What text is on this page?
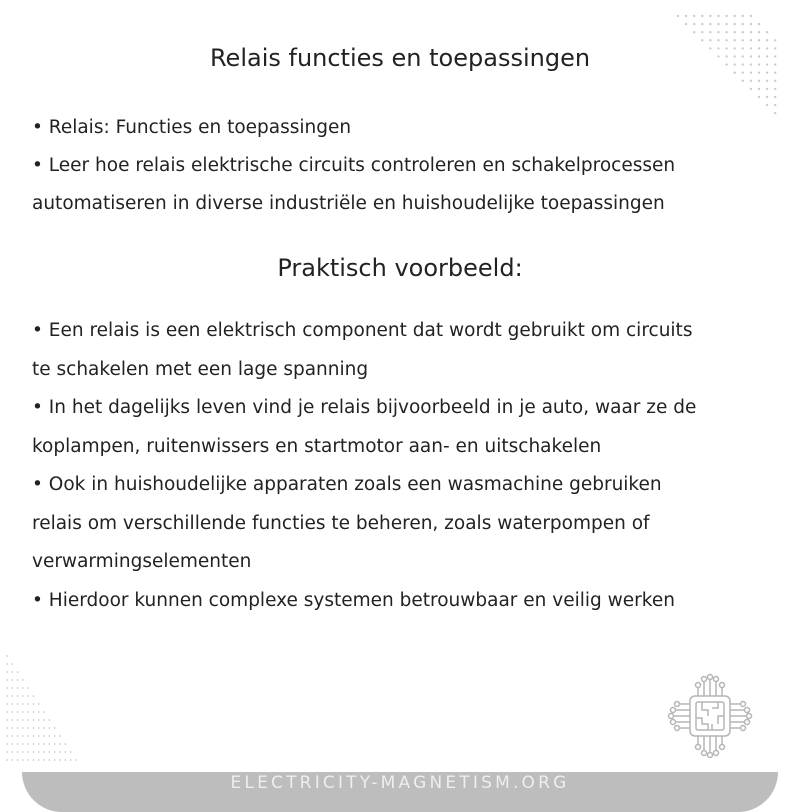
Relais functies en toepassingen
• Relais: Functies en toepassingen
• Leer hoe relais elektrische circuits controleren en schakelprocessen
automatiseren in diverse industriële en huishoudelijke toepassingen
Praktisch voorbeeld:
• Een relais is een elektrisch component dat wordt gebruikt om circuits
te schakelen met een lage spanning
• In het dagelijks leven vind je relais bijvoorbeeld in je auto, waar ze de
koplampen, ruitenwissers en startmotor aan- en uitschakelen
• Ook in huishoudelijke apparaten zoals een wasmachine gebruiken
relais om verschillende functies te beheren, zoals waterpompen of
verwarmingselementen
• Hierdoor kunnen complexe systemen betrouwbaar en veilig werken
ELECTRICITY-MAGNETISM.ORG
